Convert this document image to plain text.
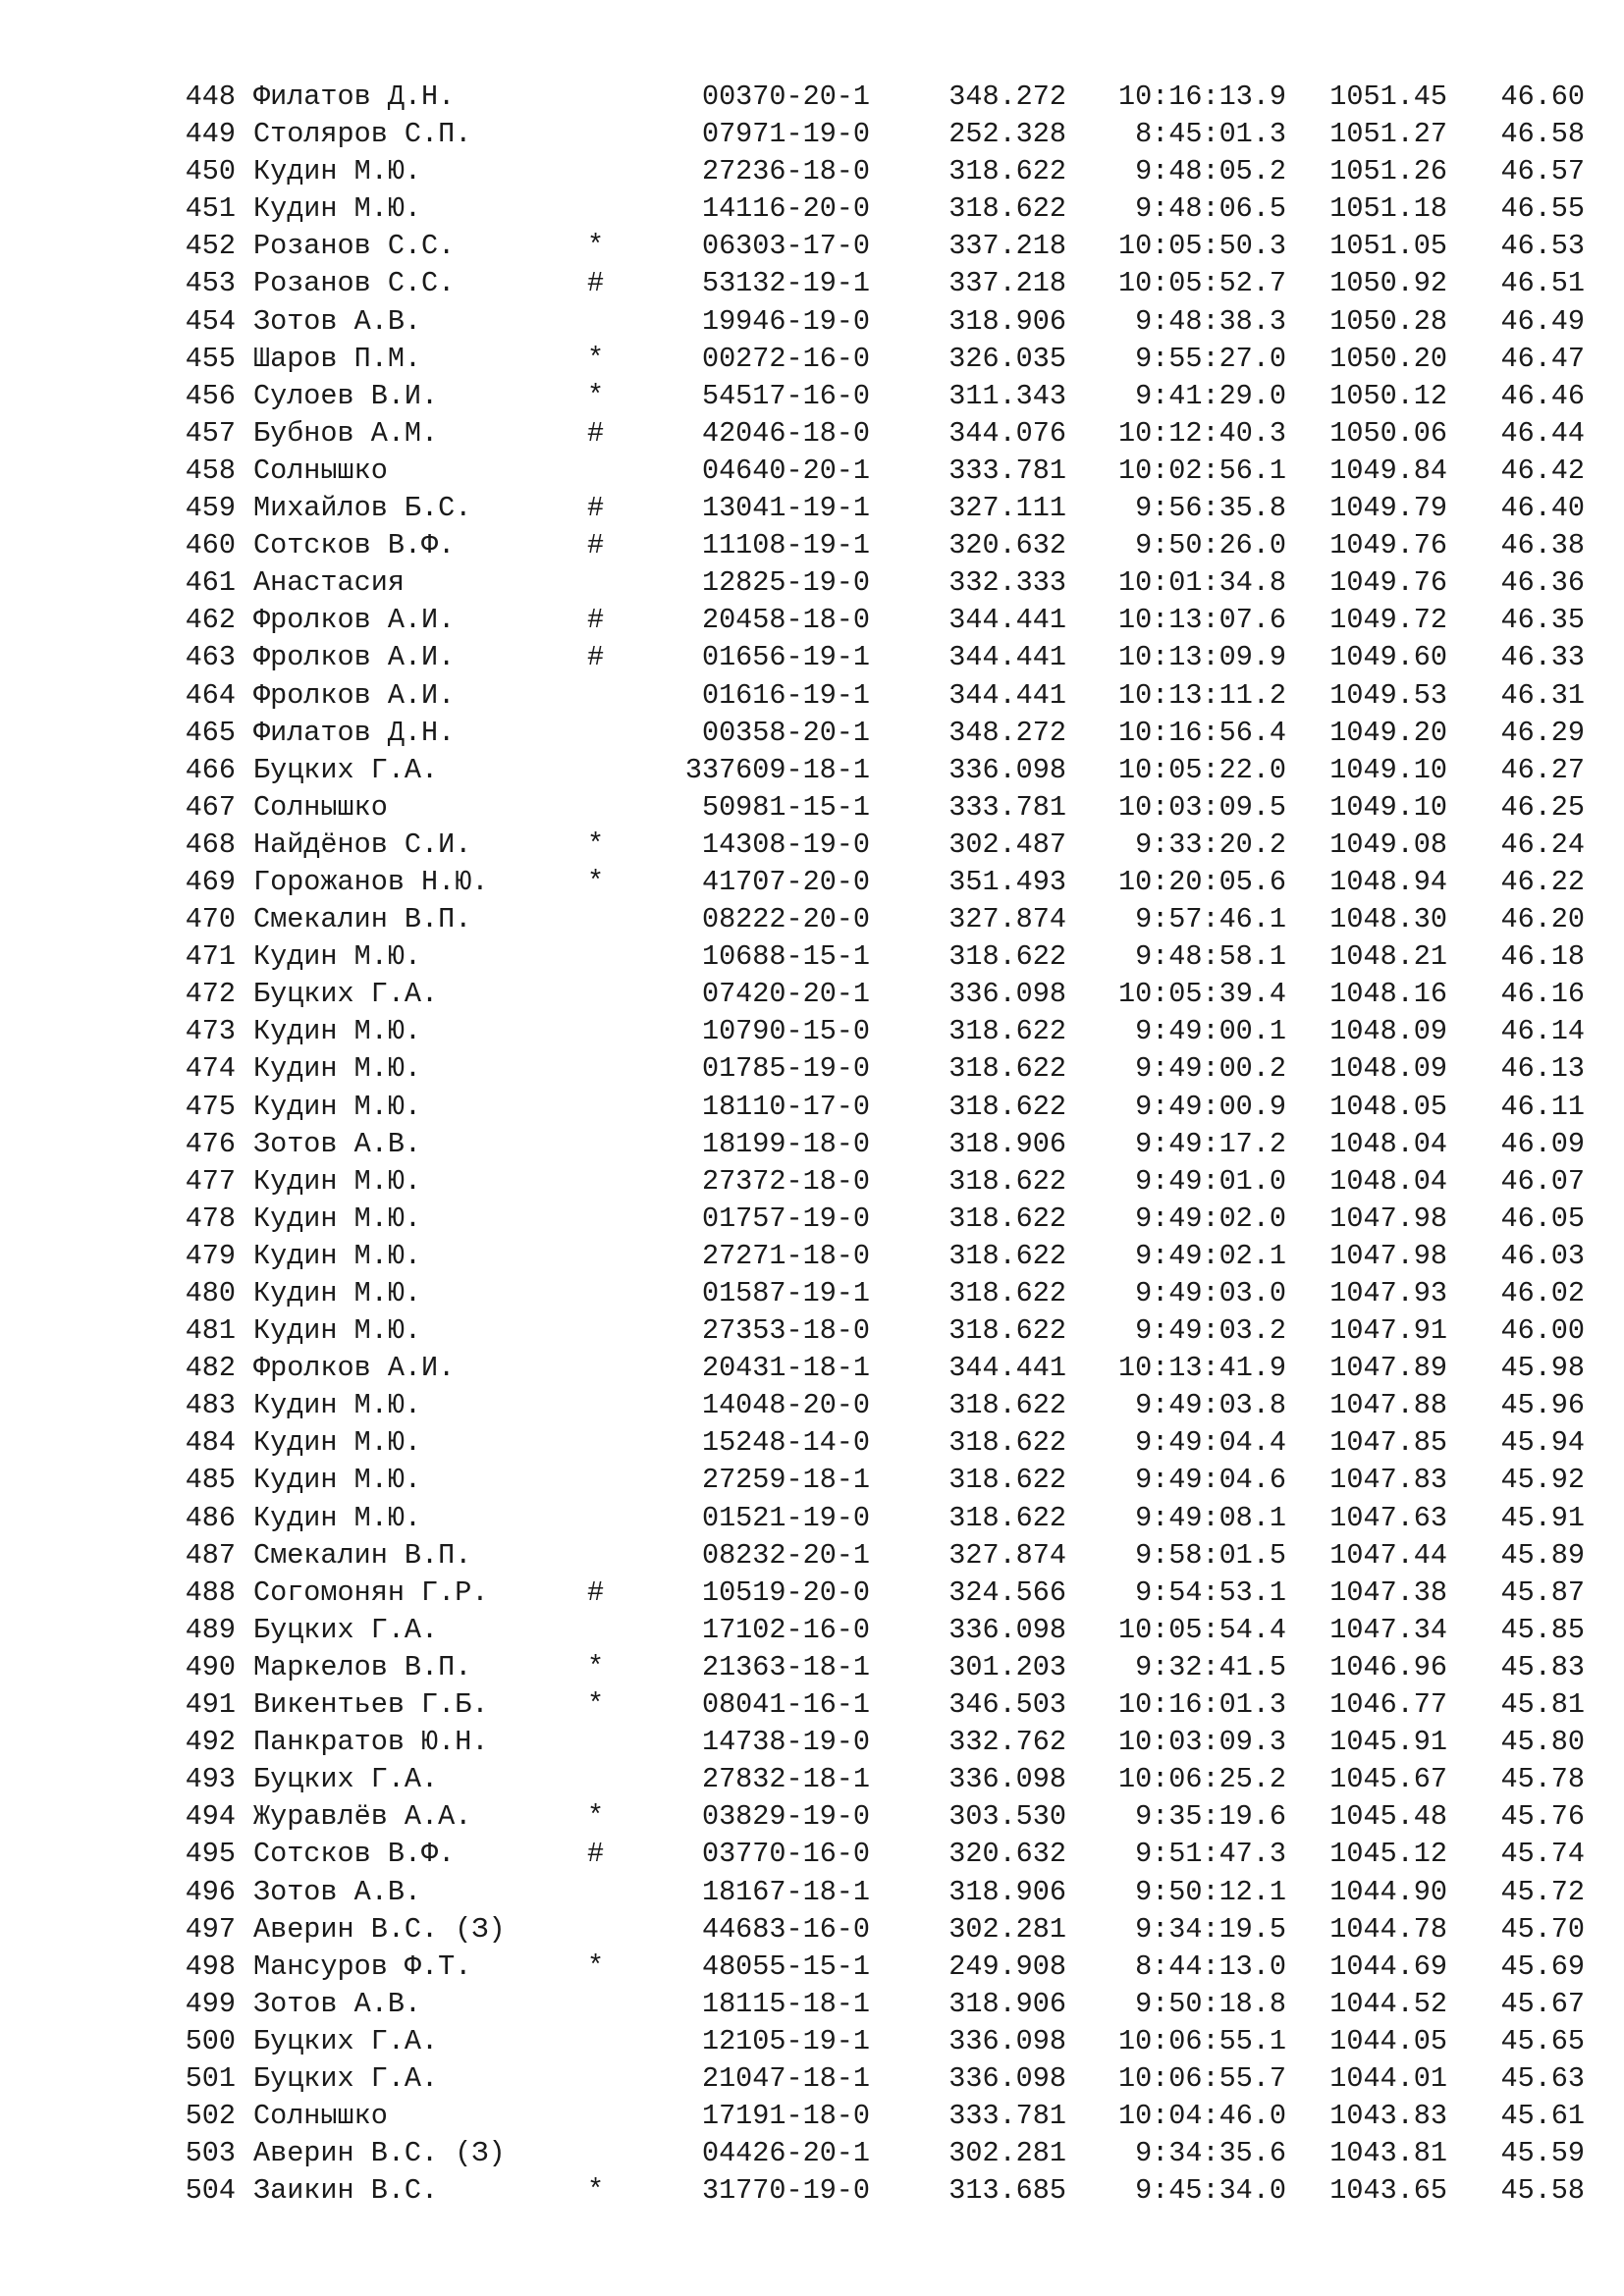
448 Филатов Д.Н.	00370-20-1	348.272 10:16:13.9 1051.45 46.60
449 Столяров С.П.	07971-19-0	252.328 8:45:01.3 1051.27 46.58
450 Кудин М.Ю.	27236-18-0	318.622 9:48:05.2 1051.26 46.57
451 Кудин М.Ю.	14116-20-0	318.622 9:48:06.5 1051.18 46.55
452 Розанов С.С.	*	06303-17-0	337.218 10:05:50.3 1051.05 46.53
453 Розанов С.С.	#	53132-19-1	337.218 10:05:52.7 1050.92 46.51
454 Зотов А.В.	19946-19-0	318.906 9:48:38.3 1050.28 46.49
455 Шаров П.М.	*	00272-16-0	326.035 9:55:27.0 1050.20 46.47
456 Сулоев В.И.	*	54517-16-0	311.343 9:41:29.0 1050.12 46.46
457 Бубнов А.М.	#	42046-18-0	344.076 10:12:40.3 1050.06 46.44
458 Солнышко	04640-20-1	333.781 10:02:56.1 1049.84 46.42
459 Михайлов Б.С.	#	13041-19-1	327.111 9:56:35.8 1049.79 46.40
460 Сотсков В.Ф.	#	11108-19-1	320.632 9:50:26.0 1049.76 46.38
461 Анастасия	12825-19-0	332.333 10:01:34.8 1049.76 46.36
462 Фролков А.И.	#	20458-18-0	344.441 10:13:07.6 1049.72 46.35
463 Фролков А.И.	#	01656-19-1	344.441 10:13:09.9 1049.60 46.33
464 Фролков А.И.	01616-19-1	344.441 10:13:11.2 1049.53 46.31
465 Филатов Д.Н.	00358-20-1	348.272 10:16:56.4 1049.20 46.29
466 Буцких Г.А.	337609-18-1	336.098 10:05:22.0 1049.10 46.27
467 Солнышко	50981-15-1	333.781 10:03:09.5 1049.10 46.25
468 Найдёнов С.И.	*	14308-19-0	302.487 9:33:20.2 1049.08 46.24
469 Горожанов Н.Ю.	*	41707-20-0	351.493 10:20:05.6 1048.94 46.22
470 Смекалин В.П.	08222-20-0	327.874 9:57:46.1 1048.30 46.20
471 Кудин М.Ю.	10688-15-1	318.622 9:48:58.1 1048.21 46.18
472 Буцких Г.А.	07420-20-1	336.098 10:05:39.4 1048.16 46.16
473 Кудин М.Ю.	10790-15-0	318.622 9:49:00.1 1048.09 46.14
474 Кудин М.Ю.	01785-19-0	318.622 9:49:00.2 1048.09 46.13
475 Кудин М.Ю.	18110-17-0	318.622 9:49:00.9 1048.05 46.11
476 Зотов А.В.	18199-18-0	318.906 9:49:17.2 1048.04 46.09
477 Кудин М.Ю.	27372-18-0	318.622 9:49:01.0 1048.04 46.07
478 Кудин М.Ю.	01757-19-0	318.622 9:49:02.0 1047.98 46.05
479 Кудин М.Ю.	27271-18-0	318.622 9:49:02.1 1047.98 46.03
480 Кудин М.Ю.	01587-19-1	318.622 9:49:03.0 1047.93 46.02
481 Кудин М.Ю.	27353-18-0	318.622 9:49:03.2 1047.91 46.00
482 Фролков А.И.	20431-18-1	344.441 10:13:41.9 1047.89 45.98
483 Кудин М.Ю.	14048-20-0	318.622 9:49:03.8 1047.88 45.96
484 Кудин М.Ю.	15248-14-0	318.622 9:49:04.4 1047.85 45.94
485 Кудин М.Ю.	27259-18-1	318.622 9:49:04.6 1047.83 45.92
486 Кудин М.Ю.	01521-19-0	318.622 9:49:08.1 1047.63 45.91
487 Смекалин В.П.	08232-20-1	327.874 9:58:01.5 1047.44 45.89
488 Согомонян Г.Р.	#	10519-20-0	324.566 9:54:53.1 1047.38 45.87
489 Буцких Г.А.	17102-16-0	336.098 10:05:54.4 1047.34 45.85
490 Маркелов В.П.	*	21363-18-1	301.203 9:32:41.5 1046.96 45.83
491 Викентьев Г.Б.	*	08041-16-1	346.503 10:16:01.3 1046.77 45.81
492 Панкратов Ю.Н.	14738-19-0	332.762 10:03:09.3 1045.91 45.80
493 Буцких Г.А.	27832-18-1	336.098 10:06:25.2 1045.67 45.78
494 Журавлёв А.А.	*	03829-19-0	303.530 9:35:19.6 1045.48 45.76
495 Сотсков В.Ф.	#	03770-16-0	320.632 9:51:47.3 1045.12 45.74
496 Зотов А.В.	18167-18-1	318.906 9:50:12.1 1044.90 45.72
497 Аверин В.С. (З)	44683-16-0	302.281 9:34:19.5 1044.78 45.70
498 Мансуров Ф.Т.	*	48055-15-1	249.908 8:44:13.0 1044.69 45.69
499 Зотов А.В.	18115-18-1	318.906 9:50:18.8 1044.52 45.67
500 Буцких Г.А.	12105-19-1	336.098 10:06:55.1 1044.05 45.65
501 Буцких Г.А.	21047-18-1	336.098 10:06:55.7 1044.01 45.63
502 Солнышко	17191-18-0	333.781 10:04:46.0 1043.83 45.61
503 Аверин В.С. (З)	04426-20-1	302.281 9:34:35.6 1043.81 45.59
504 Заикин В.С.	*	31770-19-0	313.685 9:45:34.0 1043.65 45.58
